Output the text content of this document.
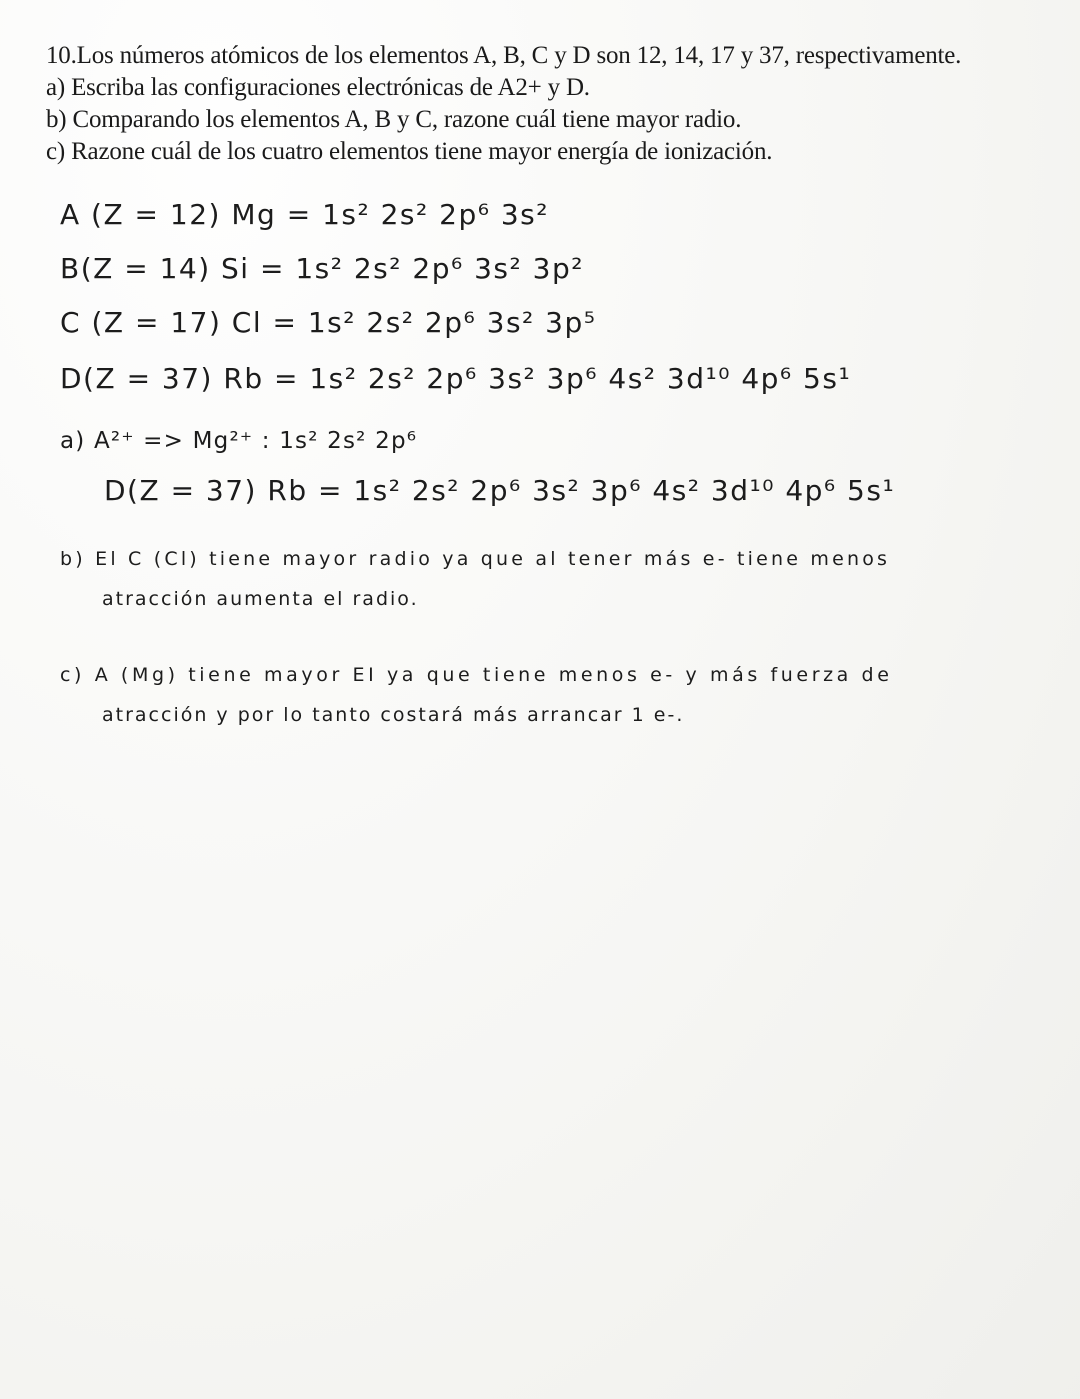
10.Los números atómicos de los elementos A, B, C y D son 12, 14, 17 y 37, respectivamente.
a) Escriba las configuraciones electrónicas de A2+ y D.
b) Comparando los elementos A, B y C, razone cuál tiene mayor radio.
c) Razone cuál de los cuatro elementos tiene mayor energía de ionización.
A (Z = 12) Mg = 1s² 2s² 2p⁶ 3s²
B(Z = 14) Si = 1s² 2s² 2p⁶ 3s² 3p²
C (Z = 17) Cl = 1s² 2s² 2p⁶ 3s² 3p⁵
D(Z = 37) Rb = 1s² 2s² 2p⁶ 3s² 3p⁶ 4s² 3d¹⁰ 4p⁶ 5s¹
a) A²⁺ => Mg²⁺ : 1s² 2s² 2p⁶
D(Z = 37) Rb = 1s² 2s² 2p⁶ 3s² 3p⁶ 4s² 3d¹⁰ 4p⁶ 5s¹
b) El C (Cl) tiene mayor radio ya que al tener más e- tiene menos
atracción aumenta el radio.
c) A (Mg) tiene mayor EI ya que tiene menos e- y más fuerza de
atracción y por lo tanto costará más arrancar 1 e-.
